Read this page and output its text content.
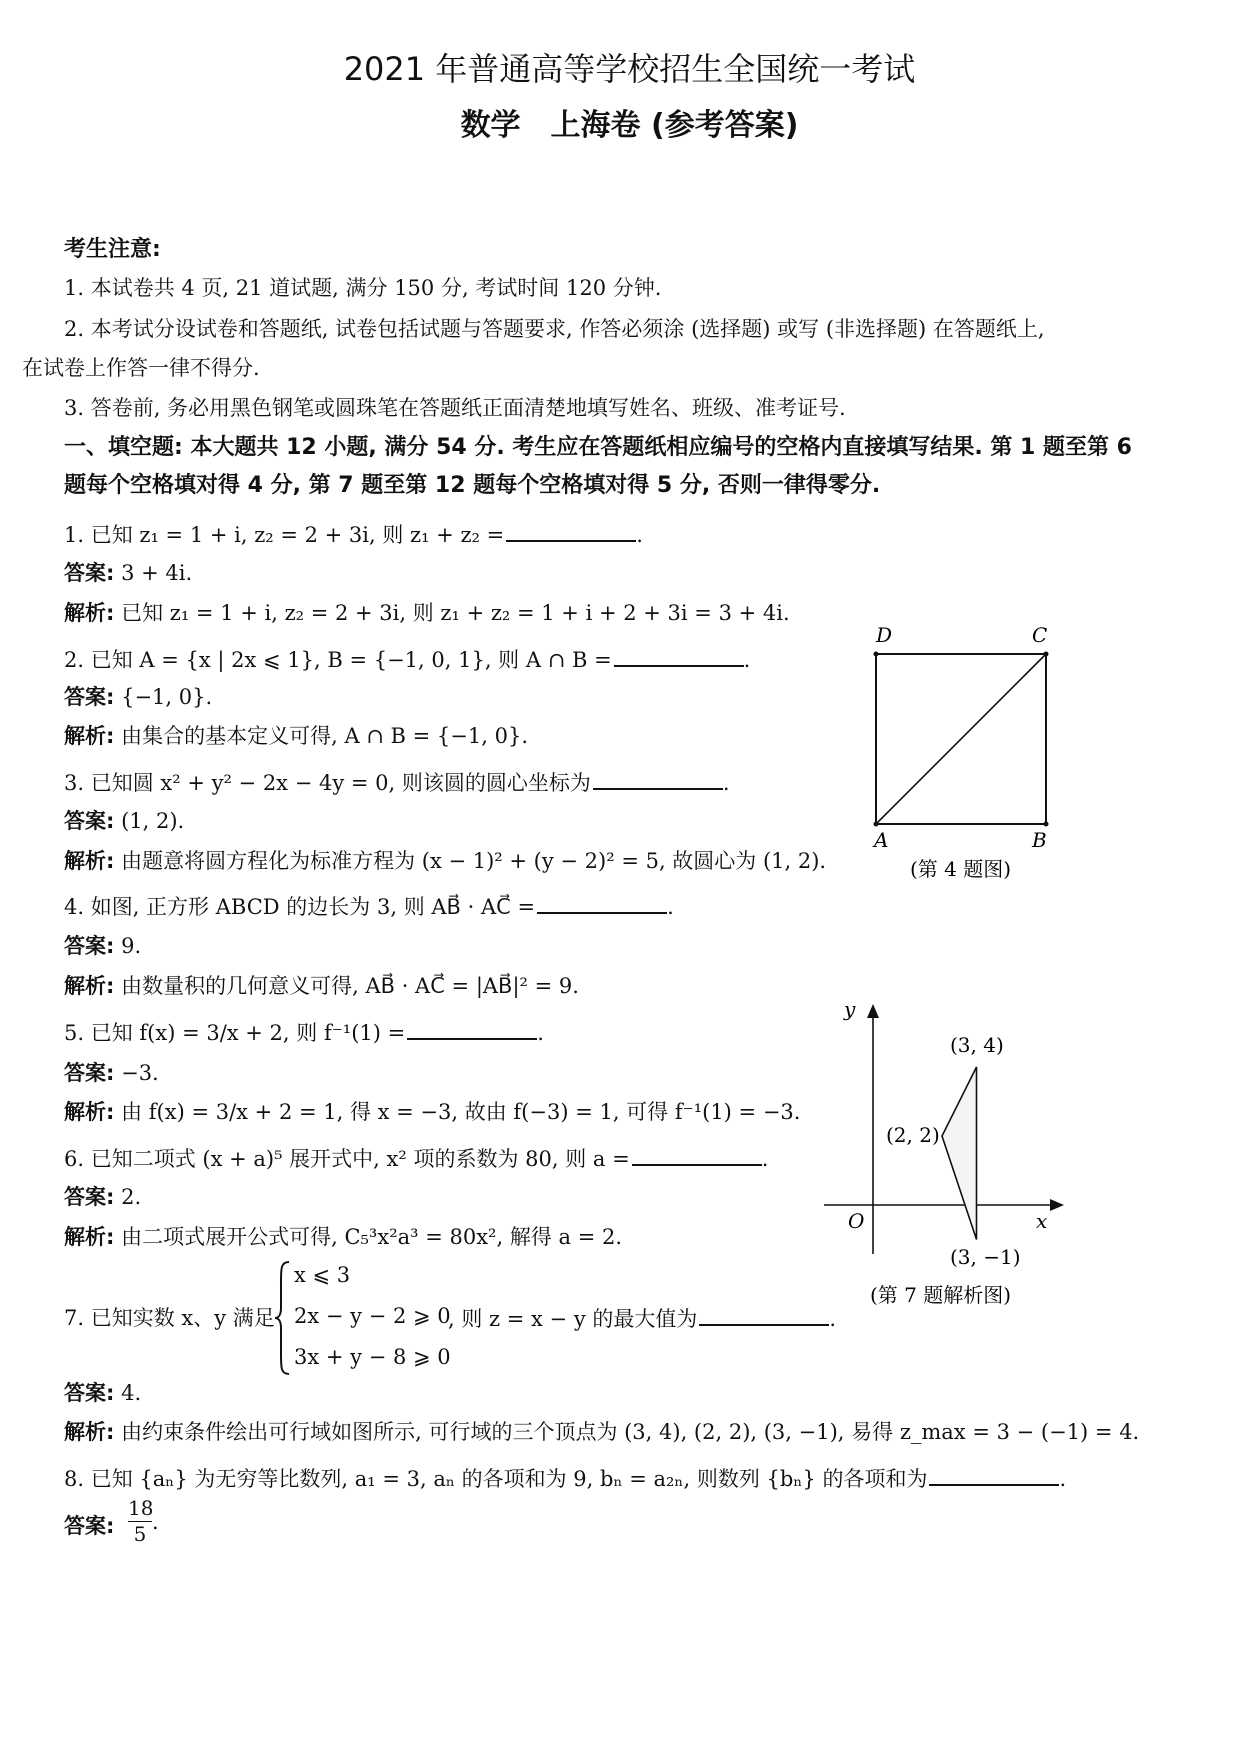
2021 年普通高等学校招生全国统一考试
数学　上海卷 (参考答案)
考生注意:
1. 本试卷共 4 页, 21 道试题, 满分 150 分, 考试时间 120 分钟.
2. 本考试分设试卷和答题纸, 试卷包括试题与答题要求, 作答必须涂 (选择题) 或写 (非选择题) 在答题纸上,
在试卷上作答一律不得分.
3. 答卷前, 务必用黑色钢笔或圆珠笔在答题纸正面清楚地填写姓名、班级、准考证号.
一、填空题: 本大题共 12 小题, 满分 54 分. 考生应在答题纸相应编号的空格内直接填写结果. 第 1 题至第 6
题每个空格填对得 4 分, 第 7 题至第 12 题每个空格填对得 5 分, 否则一律得零分.
1. 已知 z₁ = 1 + i, z₂ = 2 + 3i, 则 z₁ + z₂ =	.
答案: 3 + 4i.
解析: 已知 z₁ = 1 + i, z₂ = 2 + 3i, 则 z₁ + z₂ = 1 + i + 2 + 3i = 3 + 4i.
2. 已知 A = {x | 2x ⩽ 1}, B = {−1, 0, 1}, 则 A ∩ B =	.
答案: {−1, 0}.
解析: 由集合的基本定义可得, A ∩ B = {−1, 0}.
3. 已知圆 x² + y² − 2x − 4y = 0, 则该圆的圆心坐标为	.
答案: (1, 2).
解析: 由题意将圆方程化为标准方程为 (x − 1)² + (y − 2)² = 5, 故圆心为 (1, 2).
4. 如图, 正方形 ABCD 的边长为 3, 则 AB⃗ · AC⃗ =	.
答案: 9.
解析: 由数量积的几何意义可得, AB⃗ · AC⃗ = |AB⃗|² = 9.
5. 已知 f(x) = 3/x + 2, 则 f⁻¹(1) =	.
答案: −3.
解析: 由 f(x) = 3/x + 2 = 1, 得 x = −3, 故由 f(−3) = 1, 可得 f⁻¹(1) = −3.
6. 已知二项式 (x + a)⁵ 展开式中, x² 项的系数为 80, 则 a =	.
答案: 2.
解析: 由二项式展开公式可得, C₅³x²a³ = 80x², 解得 a = 2.
7. 已知实数 x、y 满足
x ⩽ 3
2x − y − 2 ⩾ 0
3x + y − 8 ⩾ 0
, 则 z = x − y 的最大值为	.
答案: 4.
解析: 由约束条件绘出可行域如图所示, 可行域的三个顶点为 (3, 4), (2, 2), (3, −1), 易得 z_max = 3 − (−1) = 4.
8. 已知 {aₙ} 为无穷等比数列, a₁ = 3, aₙ 的各项和为 9, bₙ = a₂ₙ, 则数列 {bₙ} 的各项和为	.
答案: $\frac{18}{5}$ .
D	C
A	B
(第 4 题图)
y
x
O
(3, 4)
(2, 2)
(3, −1)
(第 7 题解析图)
